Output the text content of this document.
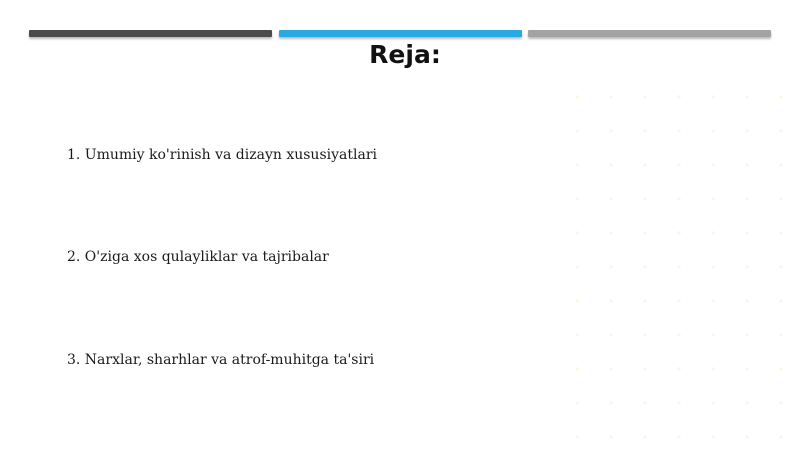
Reja:
1. Umumiy ko'rinish va dizayn xususiyatlari
2. O'ziga xos qulayliklar va tajribalar
3. Narxlar, sharhlar va atrof-muhitga ta'siri
